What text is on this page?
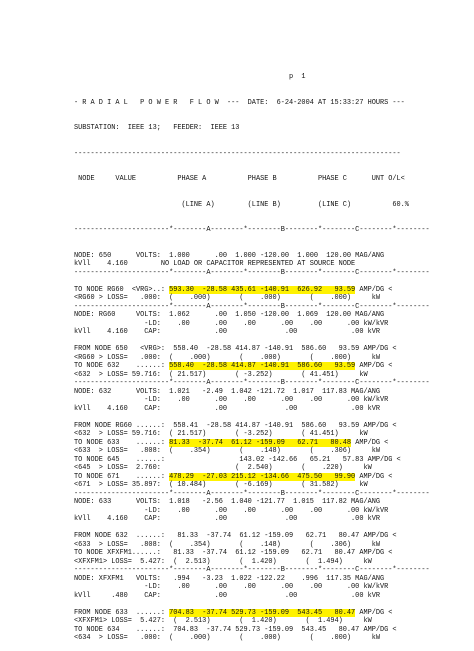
p  1

- R A D I A L   P O W E R   F L O W  ---  DATE:  6-24-2004 AT 15:33:27 HOURS ---

SUBSTATION:  IEEE 13;   FEEDER:  IEEE 13

-------------------------------------------------------------------------------

NODE     VALUE          PHASE A          PHASE B          PHASE C      UNT O/L<

(LINE A)        (LINE B)         (LINE C)          60.%

-----------------------*--------A--------*--------B--------*--------C--------*--------

NODE: 650      VOLTS:  1.000      .00  1.000 -120.00  1.000  120.00 MAG/ANG
kVll    4.160        NO LOAD OR CAPACITOR REPRESENTED AT SOURCE NODE
-----------------------*--------A--------*--------B--------*--------C--------*--------
TO NODE RG60  <VRG>..: 593.30  -28.58 435.61 -140.91  626.92   93.59 AMP/DG <
<RG60 > LOSS=   .000:  (    .000)       (    .000)       (    .000)     kW
-----------------------*--------A--------*--------B--------*--------C--------*--------
NODE: RG60     VOLTS:  1.062      .00  1.050 -120.00  1.069  120.00 MAG/ANG
-LD:    .00      .00    .00      .00    .00      .00 kW/kVR
kVll    4.160    CAP:             .00              .00             .00 kVR
FROM NODE 650   <VRG>:  558.40  -28.58 414.87 -140.91  586.60   93.59 AMP/DG <
<RG60 > LOSS=   .000:  (    .000)       (    .000)       (    .000)     kW
TO NODE 632    ......: 558.40  -28.58 414.87 -140.91  586.60   93.59 AMP/DG <
<632  > LOSS= 59.716:  ( 21.517)       ( -3.252)       ( 41.451)     kW
-----------------------*--------A--------*--------B--------*--------C--------*--------
NODE: 632      VOLTS:  1.021   -2.49  1.042 -121.72  1.017  117.83 MAG/ANG
-LD:    .00      .00    .00      .00    .00      .00 kW/kVR
kVll    4.160    CAP:             .00              .00             .00 kVR
FROM NODE RG60 ......:  558.41  -28.58 414.87 -140.91  586.60   93.59 AMP/DG <
<632  > LOSS= 59.716:  ( 21.517)       ( -3.252)       ( 41.451)     kW
TO NODE 633    ......: 81.33  -37.74  61.12 -159.09   62.71   80.48 AMP/DG <
<633  > LOSS=   .808:  (    .354)       (    .148)       (    .306)     kW
TO NODE 645    ......:                  143.02 -142.66   65.21   57.83 AMP/DG <
<645  > LOSS=  2.760:                  (  2.540)       (    .220)     kW
TO NODE 671    ......: 478.29  -27.03 215.12 -134.66  475.50   99.90 AMP/DG <
<671  > LOSS= 35.897:  ( 10.484)       ( -6.169)       ( 31.582)     kW
-----------------------*--------A--------*--------B--------*--------C--------*--------
NODE: 633      VOLTS:  1.018   -2.56  1.040 -121.77  1.015  117.82 MAG/ANG
-LD:    .00      .00    .00      .00    .00      .00 kW/kVR
kVll    4.160    CAP:             .00              .00             .00 kVR
FROM NODE 632  ......:   81.33  -37.74  61.12 -159.09   62.71   80.47 AMP/DG <
<633  > LOSS=   .808:  (    .354)       (    .148)       (    .306)     kW
TO NODE XFXFM1......:   81.33  -37.74  61.12 -159.09   62.71   80.47 AMP/DG <
<XFXFM1> LOSS=  5.427:  (  2.513)       (  1.420)       (  1.494)     kW
-----------------------*--------A--------*--------B--------*--------C--------*--------
NODE: XFXFM1   VOLTS:   .994   -3.23  1.022 -122.22    .996  117.35 MAG/ANG
-LD:    .00      .00    .00      .00    .00      .00 kW/kVR
kVll     .480    CAP:             .00              .00             .00 kVR
FROM NODE 633  ......: 704.83  -37.74 529.73 -159.09  543.45   80.47 AMP/DG <
<XFXFM1> LOSS=  5.427:  (  2.513)       (  1.420)       (  1.494)     kW
TO NODE 634    ......:  704.83  -37.74 529.73 -159.09  543.45   80.47 AMP/DG <
<634  > LOSS=   .000:  (    .000)       (    .000)       (    .000)     kW
